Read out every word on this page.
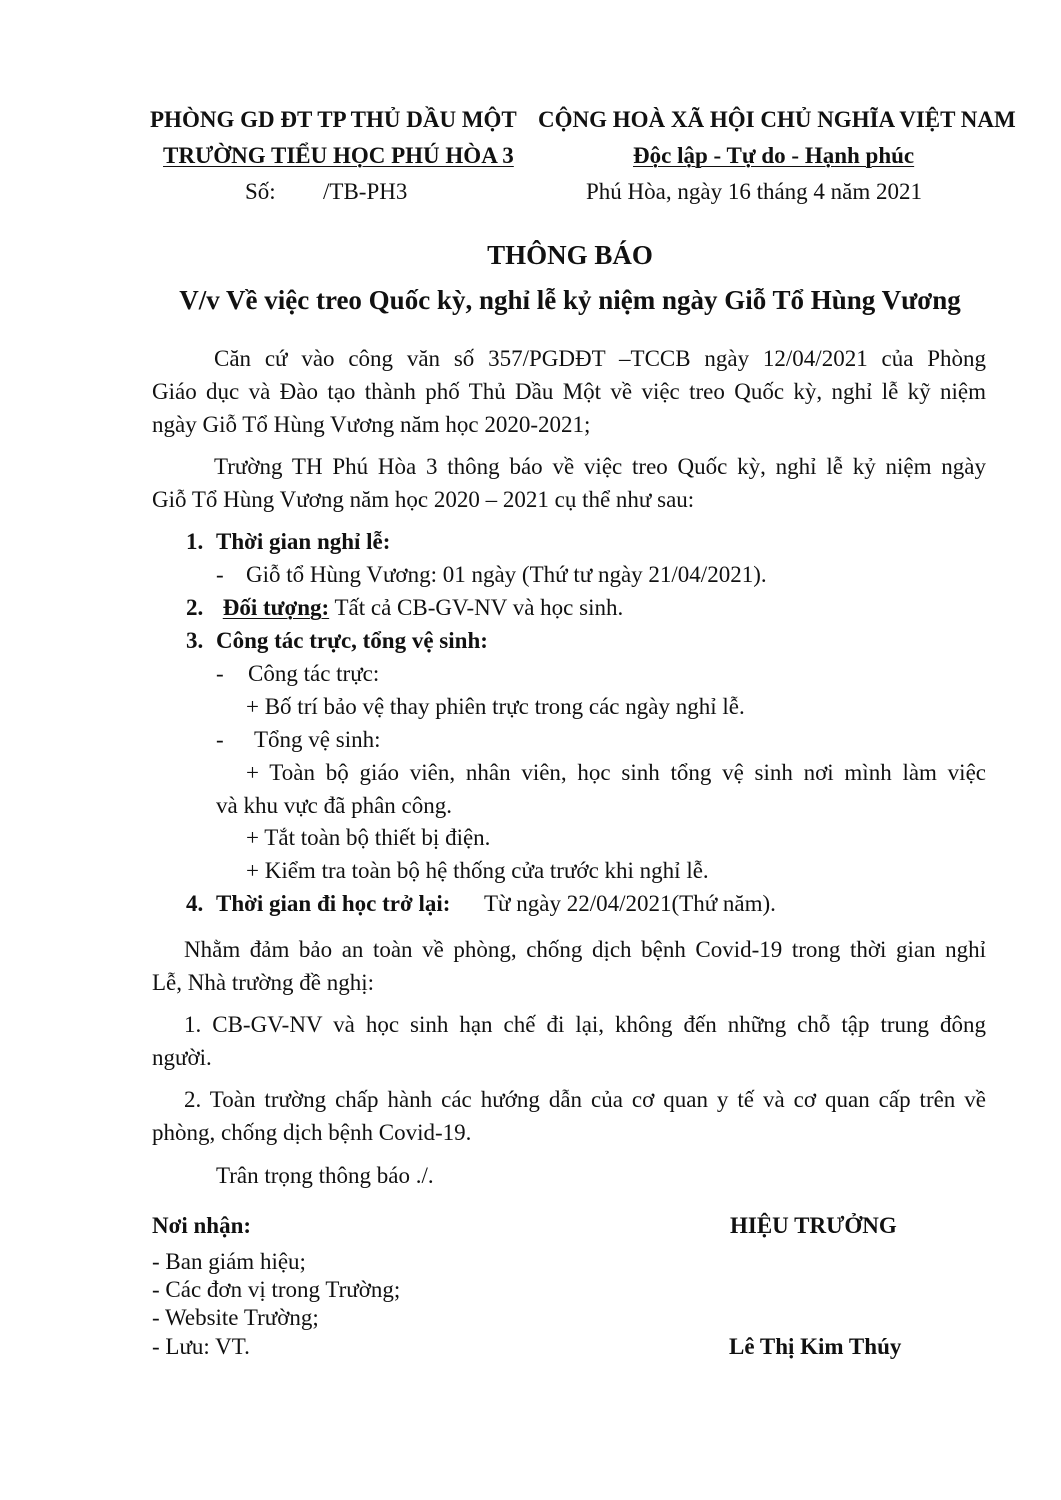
PHÒNG GD ĐT TP THỦ DẦU MỘT
TRƯỜNG TIỂU HỌC PHÚ HÒA 3
CỘNG HOÀ XÃ HỘI CHỦ NGHĨA VIỆT NAM
Độc lập - Tự do - Hạnh phúc
Số: /TB-PH3	Phú Hòa, ngày 16 tháng 4 năm 2021
THÔNG BÁO
V/v Về việc treo Quốc kỳ, nghỉ lễ kỷ niệm ngày Giỗ Tổ Hùng Vương
Căn cứ vào công văn số 357/PGDĐT –TCCB ngày 12/04/2021 của Phòng
Giáo dục và Đào tạo thành phố Thủ Dầu Một về việc treo Quốc kỳ, nghỉ lễ kỹ niệm
ngày Giỗ Tổ Hùng Vương năm học 2020-2021;
Trường TH Phú Hòa 3 thông báo về việc treo Quốc kỳ, nghỉ lễ kỷ niệm ngày
Giỗ Tổ Hùng Vương năm học 2020 – 2021 cụ thể như sau:
1. Thời gian nghỉ lễ:
- Giỗ tổ Hùng Vương: 01 ngày (Thứ tư ngày 21/04/2021).
2. Đối tượng: Tất cả CB-GV-NV và học sinh.
3. Công tác trực, tổng vệ sinh:
- Công tác trực:
+ Bố trí bảo vệ thay phiên trực trong các ngày nghỉ lễ.
- Tổng vệ sinh:
+ Toàn bộ giáo viên, nhân viên, học sinh tổng vệ sinh nơi mình làm việc
và khu vực đã phân công.
+ Tắt toàn bộ thiết bị điện.
+ Kiểm tra toàn bộ hệ thống cửa trước khi nghỉ lễ.
4. Thời gian đi học trở lại: Từ ngày 22/04/2021(Thứ năm).
Nhằm đảm bảo an toàn về phòng, chống dịch bệnh Covid-19 trong thời gian nghỉ
Lễ, Nhà trường đề nghị:
1. CB-GV-NV và học sinh hạn chế đi lại, không đến những chỗ tập trung đông
người.
2. Toàn trường chấp hành các hướng dẫn của cơ quan y tế và cơ quan cấp trên về
phòng, chống dịch bệnh Covid-19.
Trân trọng thông báo ./.
Nơi nhận:
- Ban giám hiệu;
- Các đơn vị trong Trường;
- Website Trường;
- Lưu: VT.
HIỆU TRƯỞNG
Lê Thị Kim Thúy
